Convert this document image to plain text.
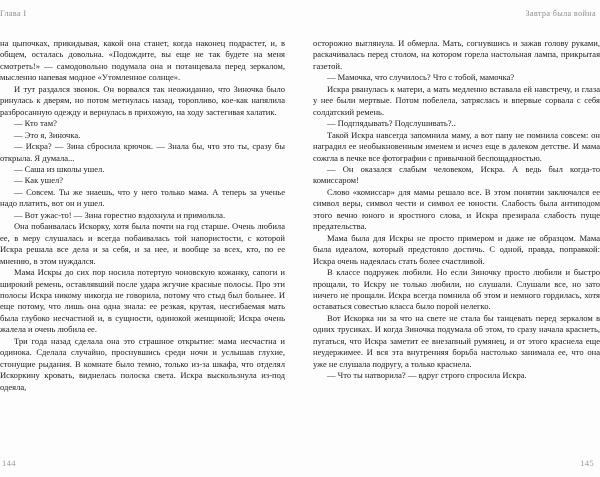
Глава I

на цыпочках, прикидывая, какой она станет, когда наконец подрастет, и, в общем, осталась довольна. «Подождите, вы еще не так будете на меня смотреть!» — самодовольно подумала она и потанцевала перед зеркалом, мысленно напевая модное «Утомленное солнце».

И тут раздался звонок. Он ворвался так неожиданно, что Зиночка было ринулась к дверям, но потом метнулась назад, торопливо, кое-как напялила разбросанную одежду и вернулась в прихожую, на ходу застегивая халатик.

— Кто там?

— Это я, Зиночка.

— Искра? — Зина сбросила крючок. — Знала бы, что это ты, сразу бы открыла. Я думала...

— Саша из школы ушел.

— Как ушел?

— Совсем. Ты же знаешь, что у него только мама. А теперь за ученье надо платить, вот он и ушел.

— Вот ужас-то! — Зина горестно вздохнула и примолкла.

Она побаивалась Искорку, хотя была почти на год старше. Очень любила ее, в меру слушалась и всегда побаивалась той напористости, с которой Искра решала все дела и за себя, и за нее, и вообще за всех, кто, по ее мнению, в этом нуждался.

Мама Искры до сих пор носила потертую чоновскую кожанку, сапоги и широкий ремень, оставлявший после удара жгучие красные полосы. Про эти полосы Искра никому никогда не говорила, потому что стыд был больнее. И еще потому, что лишь она одна знала: ее резкая, крутая, несгибаемая мать была глубоко несчастной и, в сущности, одинокой женщиной; Искра очень жалела и очень любила ее.

Три года назад сделала она это страшное открытие: мама несчастна и одинока. Сделала случайно, проснувшись среди ночи и услышав глухие, стонущие рыдания. В комнате было темно, только из-за шкафа, что отделял Искоркину кровать, виднелась полоска света. Искра выскользнула из-под одеяла,

144
Завтра была война

осторожно выглянула. И обмерла. Мать, согнувшись и зажав голову руками, раскачивалась перед столом, на котором горела настольная лампа, прикрытая газетой.

— Мамочка, что случилось? Что с тобой, мамочка?

Искра рванулась к матери, а мать медленно вставала ей навстречу, и глаза у нее были мертвые. Потом побелела, затряслась и впервые сорвала с себя солдатский ремень.

— Подглядывать? Подслушивать?..

Такой Искра навсегда запомнила маму, а вот папу не помнила совсем: он наградил ее необыкновенным именем и исчез еще в далеком детстве. И мама сожгла в печке все фотографии с привычной беспощадностью.

— Он оказался слабым человеком, Искра. А ведь был когда-то комиссаром!

Слово «комиссар» для мамы решало все. В этом понятии заключался ее символ веры, символ чести и символ ее юности. Слабость была антиподом этого вечно юного и яростного слова, и Искра презирала слабость пуще предательства.

Мама была для Искры не просто примером и даже не образцом. Мама была идеалом, который предстояло достичь. С одной, правда, поправкой: Искра очень надеялась стать более счастливой.

В классе подружек любили. Но если Зиночку просто любили и быстро прощали, то Искру не только любили, но слушали. Слушали все, но зато ничего не прощали. Искра всегда помнила об этом и немного гордилась, хотя оставаться совестью класса было порой нелегко.

Вот Искорка ни за что на свете не стала бы танцевать перед зеркалом в одних трусиках. И когда Зиночка подумала об этом, то сразу начала краснеть, пугаться, что Искра заметит ее внезапный румянец, и от этого краснела еще неудержимее. И вся эта внутренняя борьба настолько занимала ее, что она уже не слушала подругу, а только краснела.

— Что ты натворила? — вдруг строго спросила Искра.

145
